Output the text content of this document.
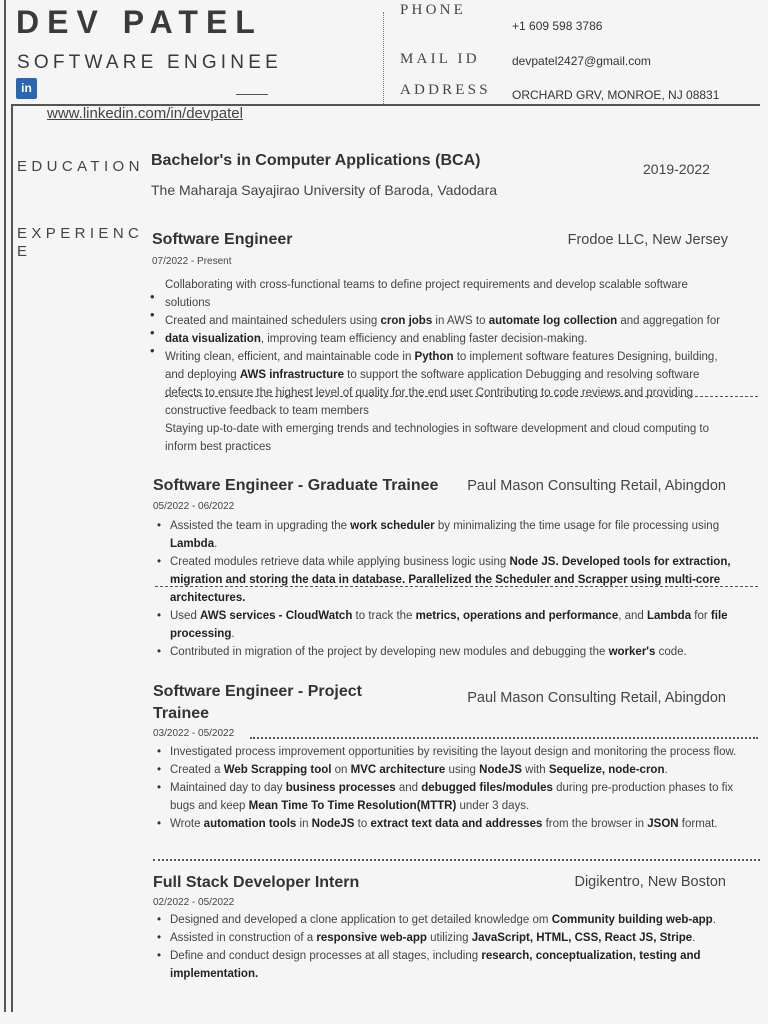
DEV PATEL
SOFTWARE ENGINEE
in
www.linkedin.com/in/devpatel
PHONE
+1 609 598 3786
MAIL ID	devpatel2427@gmail.com
ADDRESS ORCHARD GRV, MONROE, NJ 08831
EDUCATION Bachelor's in Computer Applications (BCA)	2019-2022
The Maharaja Sayajirao University of Baroda, Vadodara
EXPERIENC
E
Software Engineer	Frodoe LLC, New Jersey
07/2022 - Present
•
•
•
•
Collaborating with cross-functional teams to define project requirements and develop scalable software solutions
Created and maintained schedulers using cron jobs in AWS to automate log collection and aggregation for data visualization, improving team efficiency and enabling faster decision-making.
Writing clean, efficient, and maintainable code in Python to implement software features Designing, building, and deploying AWS infrastructure to support the software application Debugging and resolving software defects to ensure the highest level of quality for the end user Contributing to code reviews and providing constructive feedback to team members
Staying up-to-date with emerging trends and technologies in software development and cloud computing to inform best practices
Software Engineer - Graduate Trainee Paul Mason Consulting Retail, Abingdon
05/2022 - 06/2022
• Assisted the team in upgrading the work scheduler by minimalizing the time usage for file processing using Lambda.
• Created modules retrieve data while applying business logic using Node JS. Developed tools for extraction, migration and storing the data in database. Parallelized the Scheduler and Scrapper using multi-core architectures.
• Used AWS services - CloudWatch to track the metrics, operations and performance, and Lambda for file processing.
• Contributed in migration of the project by developing new modules and debugging the worker's code.
Software Engineer - Project Trainee
Paul Mason Consulting Retail, Abingdon
03/2022 - 05/2022
• Investigated process improvement opportunities by revisiting the layout design and monitoring the process flow.
• Created a Web Scrapping tool on MVC architecture using NodeJS with Sequelize, node-cron.
• Maintained day to day business processes and debugged files/modules during pre-production phases to fix bugs and keep Mean Time To Time Resolution(MTTR) under 3 days.
• Wrote automation tools in NodeJS to extract text data and addresses from the browser in JSON format.
Full Stack Developer Intern	Digikentro, New Boston
02/2022 - 05/2022
• Designed and developed a clone application to get detailed knowledge om Community building web-app.
• Assisted in construction of a responsive web-app utilizing JavaScript, HTML, CSS, React JS, Stripe.
• Define and conduct design processes at all stages, including research, conceptualization, testing and implementation.
